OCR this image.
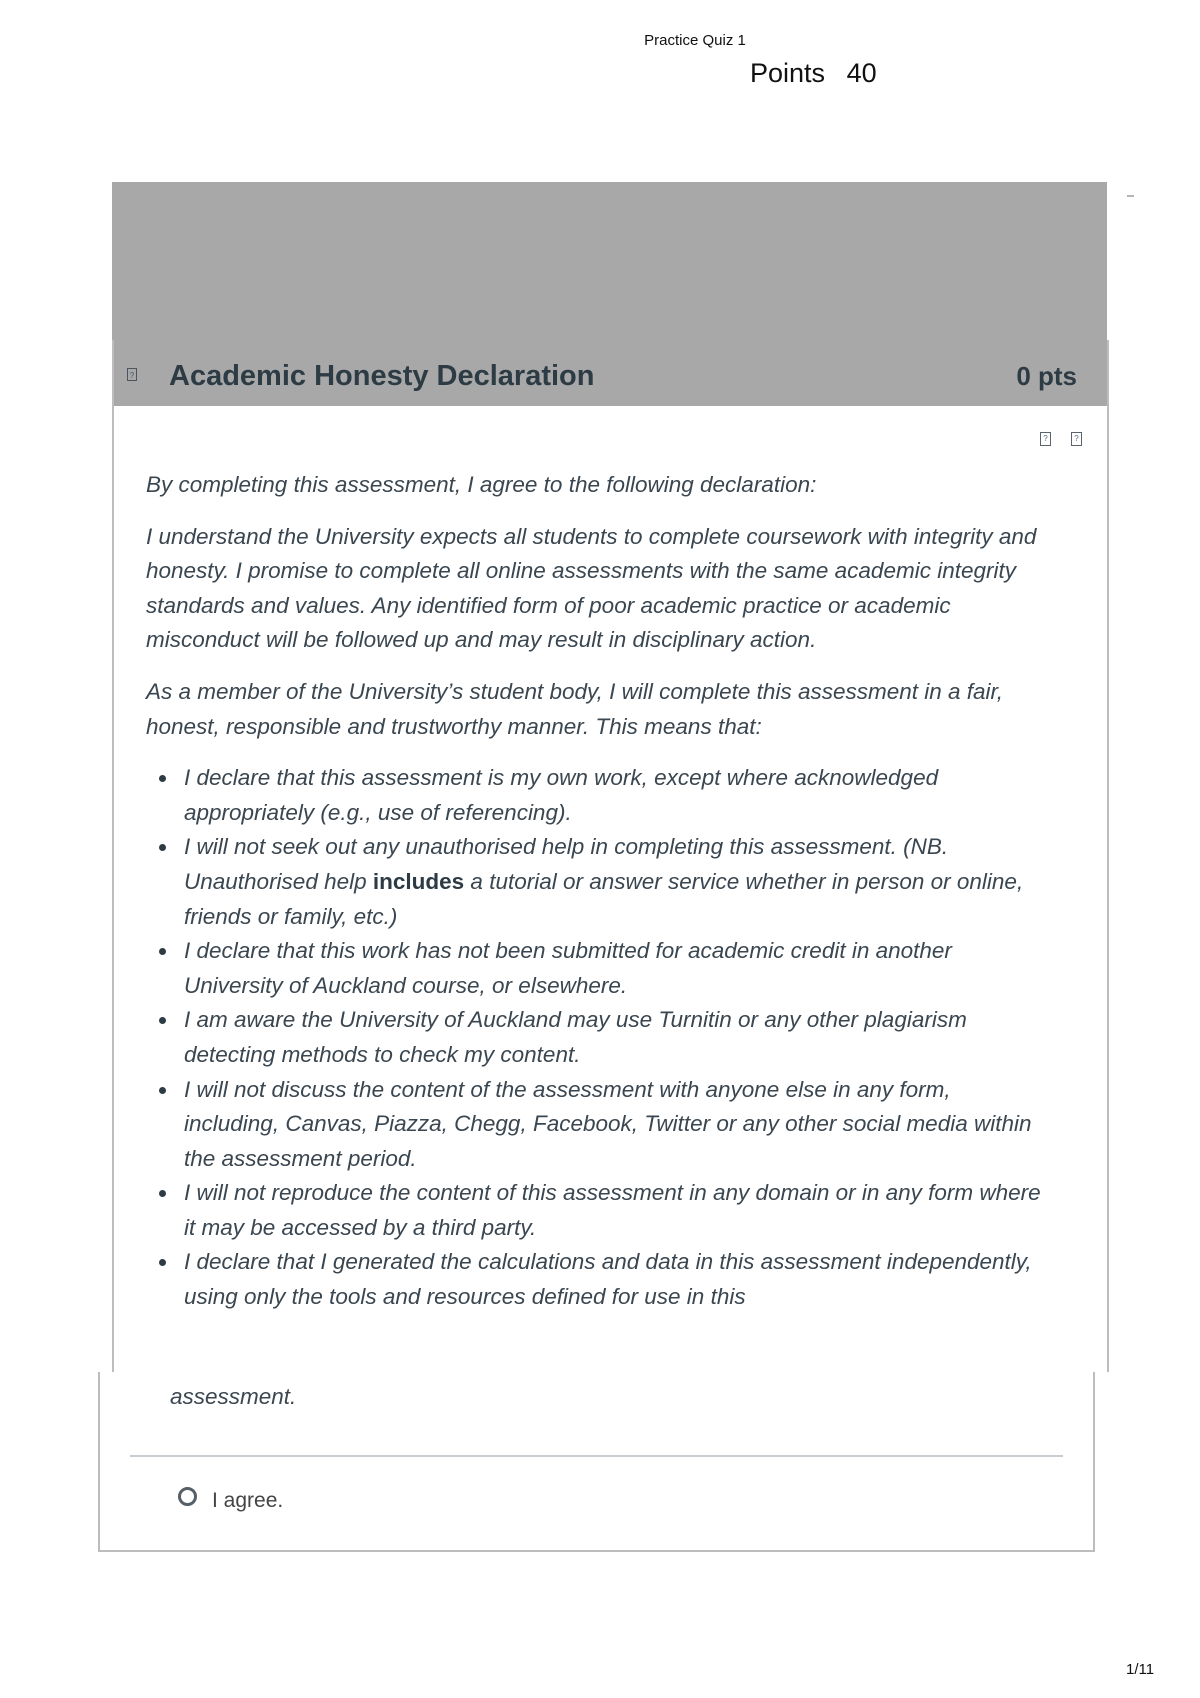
Practice Quiz 1
Points 40
? Academic Honesty Declaration	0 pts
?	?

By completing this assessment, I agree to the following declaration:

I understand the University expects all students to complete coursework with integrity and honesty. I promise to complete all online assessments with the same academic integrity standards and values. Any identified form of poor academic practice or academic misconduct will be followed up and may result in disciplinary action.

As a member of the University’s student body, I will complete this assessment in a fair, honest, responsible and trustworthy manner. This means that:

I declare that this assessment is my own work, except where acknowledged appropriately (e.g., use of referencing).
I will not seek out any unauthorised help in completing this assessment. (NB. Unauthorised help includes a tutorial or answer service whether in person or online, friends or family, etc.)
I declare that this work has not been submitted for academic credit in another University of Auckland course, or elsewhere.
I am aware the University of Auckland may use Turnitin or any other plagiarism detecting methods to check my content.
I will not discuss the content of the assessment with anyone else in any form, including, Canvas, Piazza, Chegg, Facebook, Twitter or any other social media within the assessment period.
I will not reproduce the content of this assessment in any domain or in any form where it may be accessed by a third party.
I declare that I generated the calculations and data in this assessment independently, using only the tools and resources defined for use in this
assessment.
I agree.
1/11
